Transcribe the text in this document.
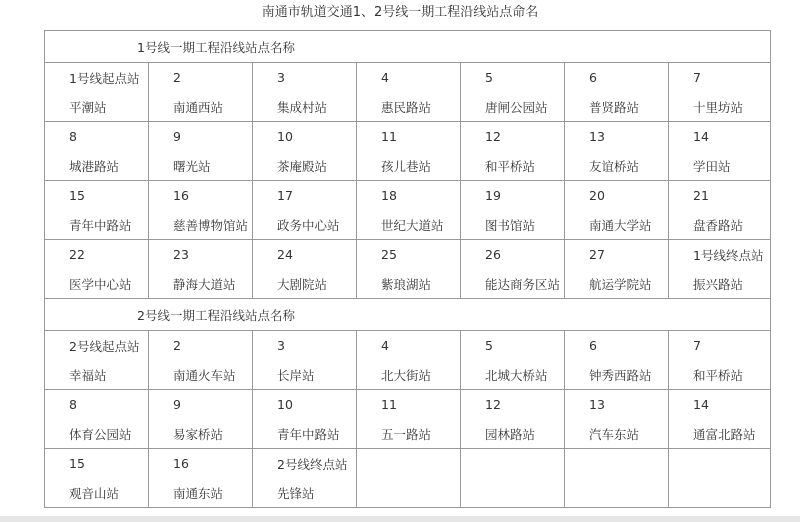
南通市轨道交通1、2号线一期工程沿线站点命名
1号线一期工程沿线站点名称						
1号线起点站	2	3	4	5	6	7
平潮站	南通西站	集成村站	惠民路站	唐闸公园站	普贤路站	十里坊站
8	9	10	11	12	13	14
城港路站	曙光站	茶庵殿站	孩儿巷站	和平桥站	友谊桥站	学田站
15	16	17	18	19	20	21
青年中路站	慈善博物馆站	政务中心站	世纪大道站	图书馆站	南通大学站	盘香路站
22	23	24	25	26	27	1号线终点站
医学中心站	静海大道站	大剧院站	紫琅湖站	能达商务区站	航运学院站	振兴路站
2号线一期工程沿线站点名称						
2号线起点站	2	3	4	5	6	7
幸福站	南通火车站	长岸站	北大街站	北城大桥站	钟秀西路站	和平桥站
8	9	10	11	12	13	14
体育公园站	易家桥站	青年中路站	五一路站	园林路站	汽车东站	通富北路站
15	16	2号线终点站				
观音山站	南通东站	先锋站				
